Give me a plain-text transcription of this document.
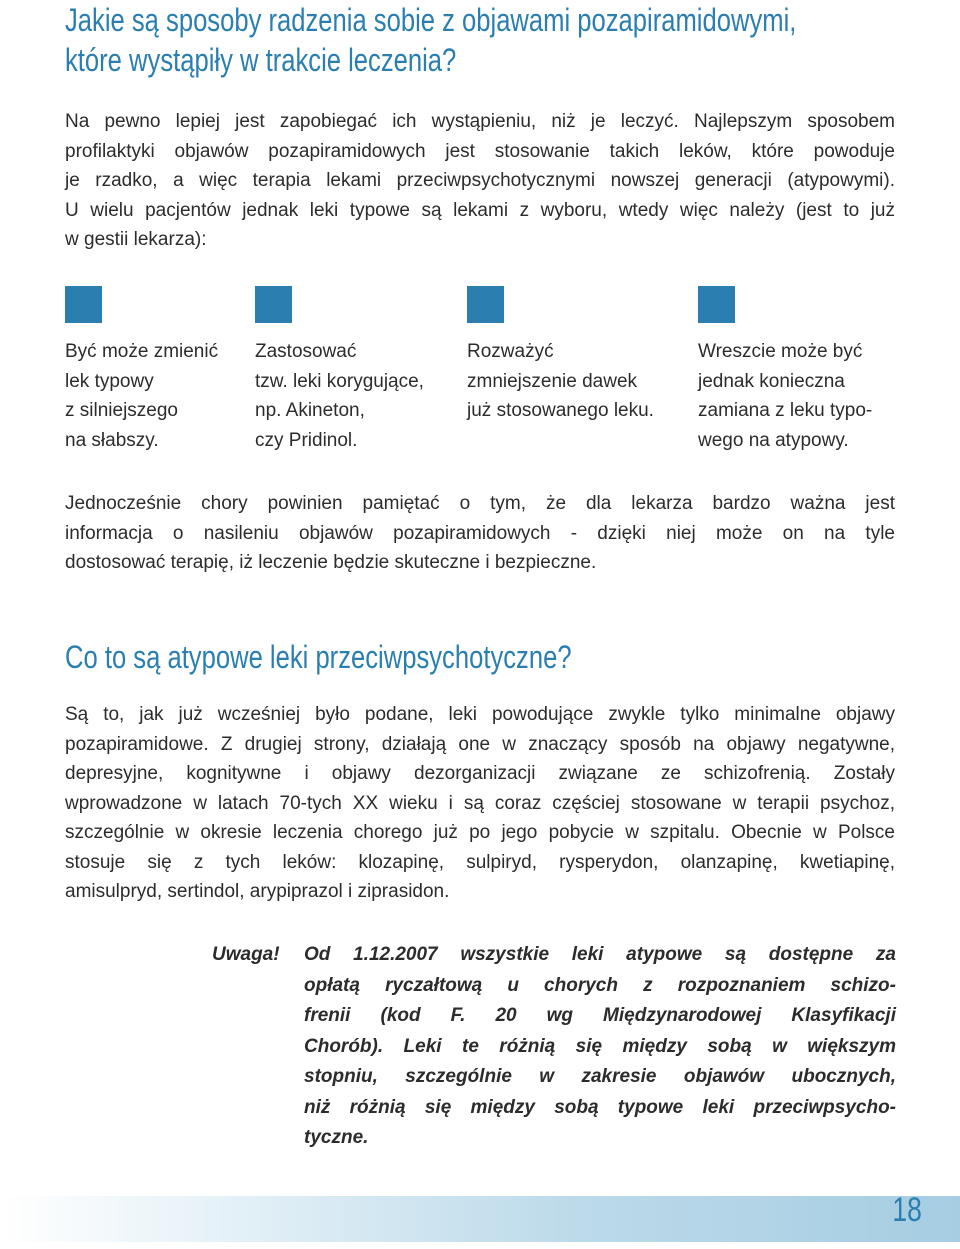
Jakie są sposoby radzenia sobie z objawami pozapiramidowymi,
które wystąpiły w trakcie leczenia?
Na pewno lepiej jest zapobiegać ich wystąpieniu, niż je leczyć. Najlepszym sposobem
profilaktyki objawów pozapiramidowych jest stosowanie takich leków, które powoduje
je rzadko, a więc terapia lekami przeciwpsychotycznymi nowszej generacji (atypowymi).
U wielu pacjentów jednak leki typowe są lekami z wyboru, wtedy więc należy (jest to już
w gestii lekarza):
Być może zmienić
lek typowy
z silniejszego
na słabszy.
Zastosować
tzw. leki korygujące,
np. Akineton,
czy Pridinol.
Rozważyć
zmniejszenie dawek
już stosowanego leku.
Wreszcie może być
jednak konieczna
zamiana z leku typo-
wego na atypowy.
Jednocześnie chory powinien pamiętać o tym, że dla lekarza bardzo ważna jest
informacja o nasileniu objawów pozapiramidowych - dzięki niej może on na tyle
dostosować terapię, iż leczenie będzie skuteczne i bezpieczne.
Co to są atypowe leki przeciwpsychotyczne?
Są to, jak już wcześniej było podane, leki powodujące zwykle tylko minimalne objawy
pozapiramidowe. Z drugiej strony, działają one w znaczący sposób na objawy negatywne,
depresyjne, kognitywne i objawy dezorganizacji związane ze schizofrenią. Zostały
wprowadzone w latach 70-tych XX wieku i są coraz częściej stosowane w terapii psychoz,
szczególnie w okresie leczenia chorego już po jego pobycie w szpitalu. Obecnie w Polsce
stosuje się z tych leków: klozapinę, sulpiryd, rysperydon, olanzapinę, kwetiapinę,
amisulpryd, sertindol, arypiprazol i ziprasidon.
Uwaga! Od 1.12.2007 wszystkie leki atypowe są dostępne za
opłatą ryczałtową u chorych z rozpoznaniem schizo-
frenii (kod F. 20 wg Międzynarodowej Klasyfikacji
Chorób). Leki te różnią się między sobą w większym
stopniu, szczególnie w zakresie objawów ubocznych,
niż różnią się między sobą typowe leki przeciwpsycho-
tyczne.
18
